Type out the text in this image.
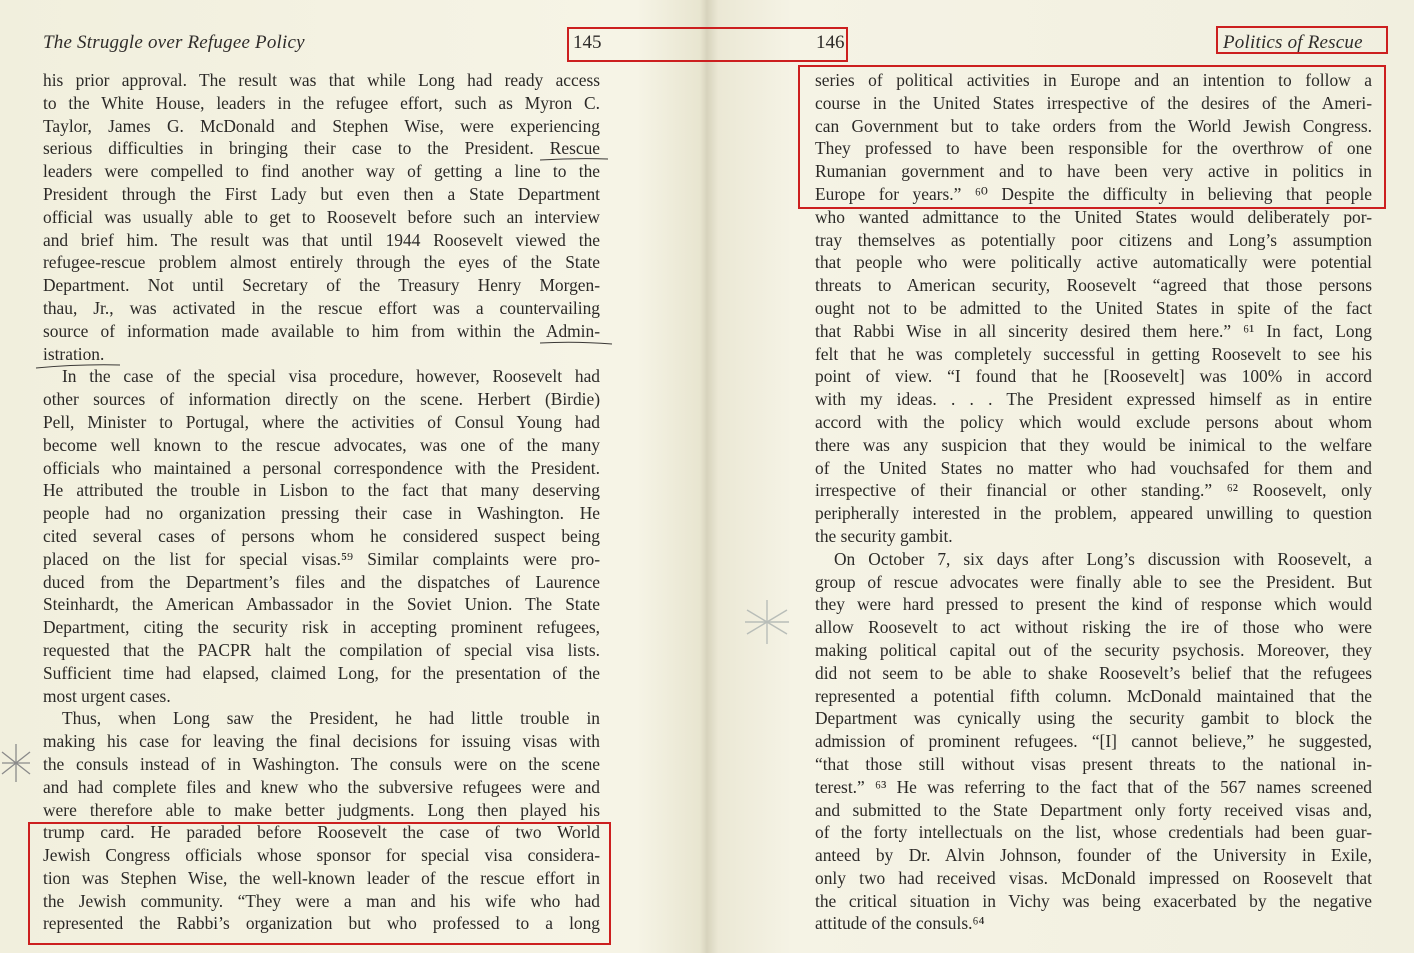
The Struggle over Refugee Policy	145
his prior approval. The result was that while Long had ready access
to the White House, leaders in the refugee effort, such as Myron C.
Taylor, James G. McDonald and Stephen Wise, were experiencing
serious difficulties in bringing their case to the President. Rescue
leaders were compelled to find another way of getting a line to the
President through the First Lady but even then a State Department
official was usually able to get to Roosevelt before such an interview
and brief him. The result was that until 1944 Roosevelt viewed the
refugee-rescue problem almost entirely through the eyes of the State
Department. Not until Secretary of the Treasury Henry Morgen-
thau, Jr., was activated in the rescue effort was a countervailing
source of information made available to him from within the Admin-
istration.
In the case of the special visa procedure, however, Roosevelt had
other sources of information directly on the scene. Herbert (Birdie)
Pell, Minister to Portugal, where the activities of Consul Young had
become well known to the rescue advocates, was one of the many
officials who maintained a personal correspondence with the President.
He attributed the trouble in Lisbon to the fact that many deserving
people had no organization pressing their case in Washington. He
cited several cases of persons whom he considered suspect being
placed on the list for special visas.⁵⁹ Similar complaints were pro-
duced from the Department’s files and the dispatches of Laurence
Steinhardt, the American Ambassador in the Soviet Union. The State
Department, citing the security risk in accepting prominent refugees,
requested that the PACPR halt the compilation of special visa lists.
Sufficient time had elapsed, claimed Long, for the presentation of the
most urgent cases.
Thus, when Long saw the President, he had little trouble in
making his case for leaving the final decisions for issuing visas with
the consuls instead of in Washington. The consuls were on the scene
and had complete files and knew who the subversive refugees were and
were therefore able to make better judgments. Long then played his
trump card. He paraded before Roosevelt the case of two World
Jewish Congress officials whose sponsor for special visa considera-
tion was Stephen Wise, the well-known leader of the rescue effort in
the Jewish community. “They were a man and his wife who had
represented the Rabbi’s organization but who professed to a long
146	Politics of Rescue
series of political activities in Europe and an intention to follow a
course in the United States irrespective of the desires of the Ameri-
can Government but to take orders from the World Jewish Congress.
They professed to have been responsible for the overthrow of one
Rumanian government and to have been very active in politics in
Europe for years.” ⁶⁰ Despite the difficulty in believing that people
who wanted admittance to the United States would deliberately por-
tray themselves as potentially poor citizens and Long’s assumption
that people who were politically active automatically were potential
threats to American security, Roosevelt “agreed that those persons
ought not to be admitted to the United States in spite of the fact
that Rabbi Wise in all sincerity desired them here.” ⁶¹ In fact, Long
felt that he was completely successful in getting Roosevelt to see his
point of view. “I found that he [Roosevelt] was 100% in accord
with my ideas. . . . The President expressed himself as in entire
accord with the policy which would exclude persons about whom
there was any suspicion that they would be inimical to the welfare
of the United States no matter who had vouchsafed for them and
irrespective of their financial or other standing.” ⁶² Roosevelt, only
peripherally interested in the problem, appeared unwilling to question
the security gambit.
On October 7, six days after Long’s discussion with Roosevelt, a
group of rescue advocates were finally able to see the President. But
they were hard pressed to present the kind of response which would
allow Roosevelt to act without risking the ire of those who were
making political capital out of the security psychosis. Moreover, they
did not seem to be able to shake Roosevelt’s belief that the refugees
represented a potential fifth column. McDonald maintained that the
Department was cynically using the security gambit to block the
admission of prominent refugees. “[I] cannot believe,” he suggested,
“that those still without visas present threats to the national in-
terest.” ⁶³ He was referring to the fact that of the 567 names screened
and submitted to the State Department only forty received visas and,
of the forty intellectuals on the list, whose credentials had been guar-
anteed by Dr. Alvin Johnson, founder of the University in Exile,
only two had received visas. McDonald impressed on Roosevelt that
the critical situation in Vichy was being exacerbated by the negative
attitude of the consuls.⁶⁴
